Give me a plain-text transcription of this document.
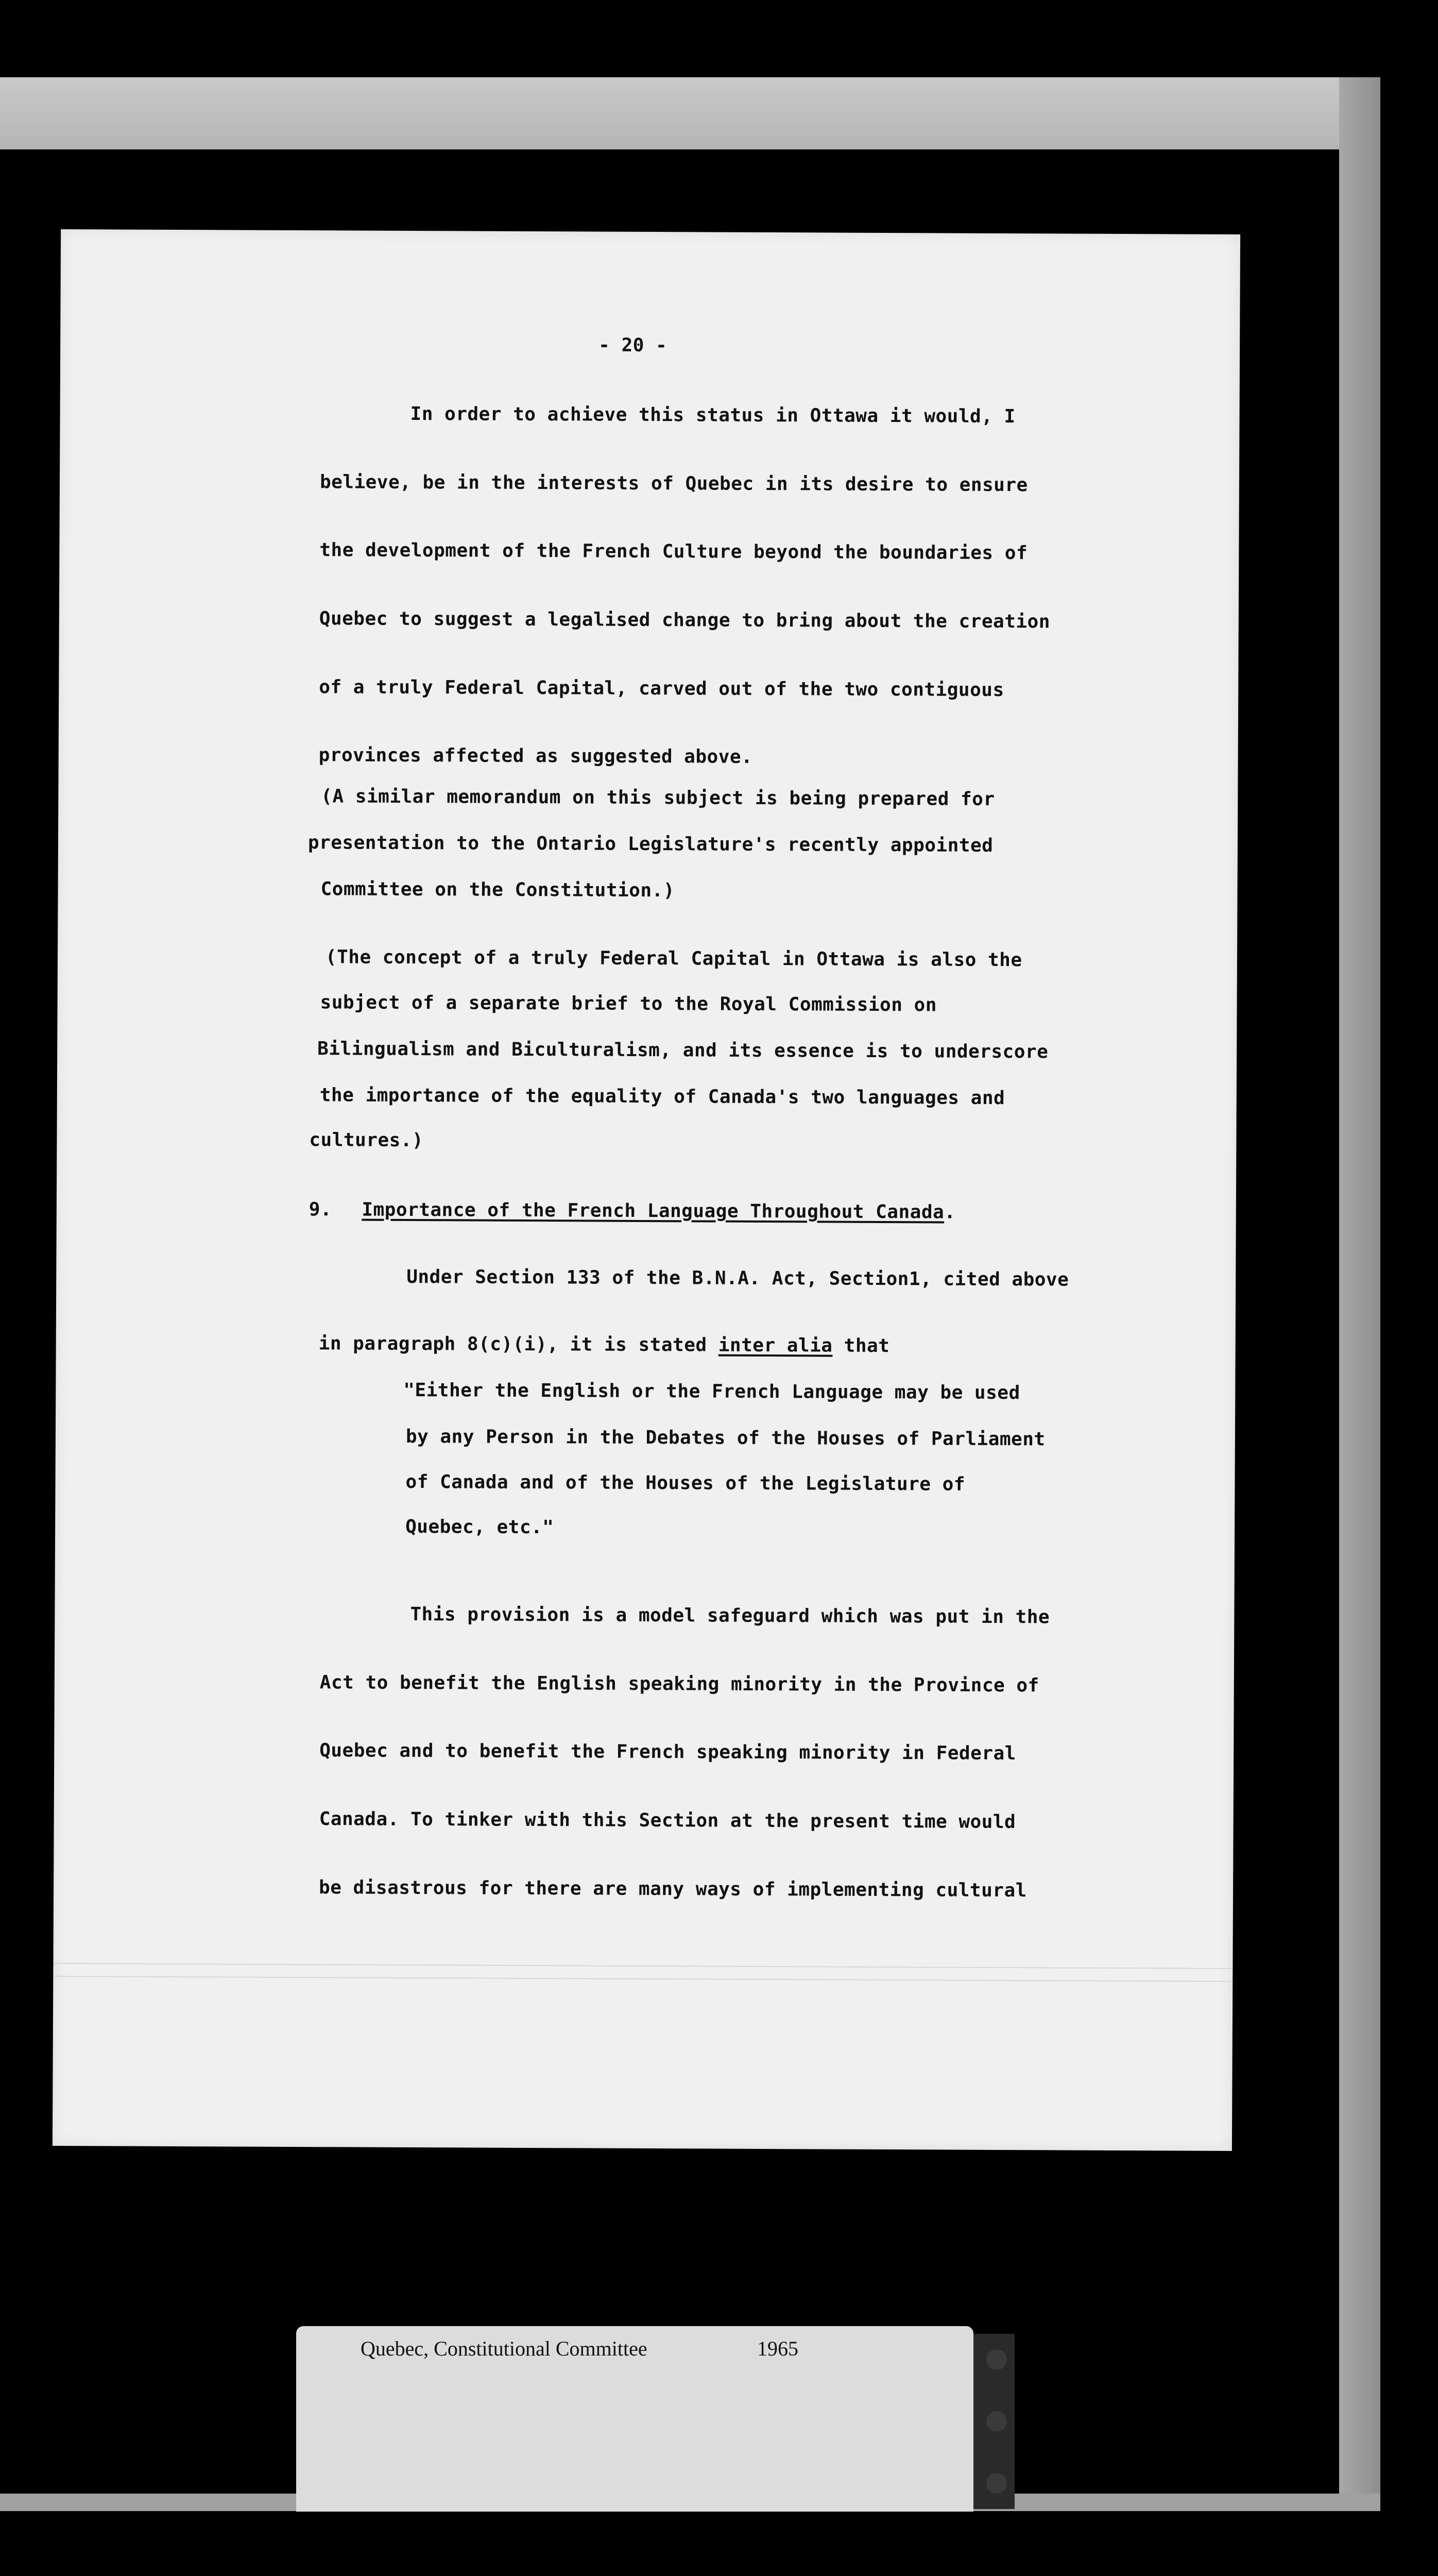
- 20 -
In order to achieve this status in Ottawa it would, I
believe, be in the interests of Quebec in its desire to ensure
the development of the French Culture beyond the boundaries of
Quebec to suggest a legalised change to bring about the creation
of a truly Federal Capital, carved out of the two contiguous
provinces affected as suggested above.
(A similar memorandum on this subject is being prepared for
presentation to the Ontario Legislature's recently appointed
Committee on the Constitution.)
(The concept of a truly Federal Capital in Ottawa is also the
subject of a separate brief to the Royal Commission on
Bilingualism and Biculturalism, and its essence is to underscore
the importance of the equality of Canada's two languages and
cultures.)
9. Importance of the French Language Throughout Canada.
Under Section 133 of the B.N.A. Act, Section1, cited above
in paragraph 8(c)(i), it is stated inter alia that
"Either the English or the French Language may be used
by any Person in the Debates of the Houses of Parliament
of Canada and of the Houses of the Legislature of
Quebec, etc."
This provision is a model safeguard which was put in the
Act to benefit the English speaking minority in the Province of
Quebec and to benefit the French speaking minority in Federal
Canada. To tinker with this Section at the present time would
be disastrous for there are many ways of implementing cultural
Quebec, Constitutional Committee	1965
